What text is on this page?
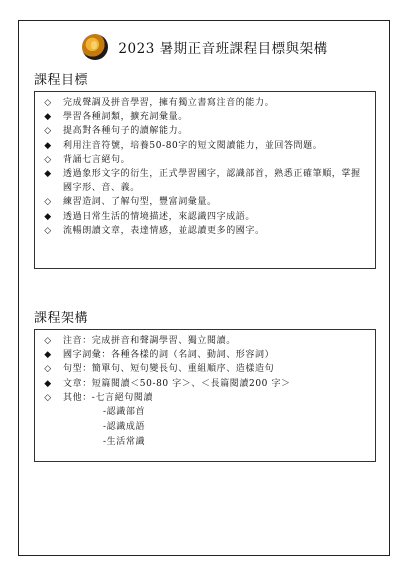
2023 暑期正音班課程目標與架構
課程目標
◇	完成聲調及拼音學習，擁有獨立書寫注音的能力。
◆	學習各種詞類，擴充詞彙量。
◇	提高對各種句子的讀解能力。
◆	利用注音符號，培養50-80字的短文閱讀能力，並回答問題。
◇	背誦七言絕句。
◆	透過象形文字的衍生，正式學習國字，認識部首，熟悉正確筆順，掌握國字形、音、義。
◇	練習造詞、了解句型，豐富詞彙量。
◆	透過日常生活的情境描述，來認識四字成語。
◇	流暢朗讀文章，表達情感，並認讀更多的國字。
課程架構
◇	注音：完成拼音和聲調學習、獨立閱讀。
◆	國字詞彙：各種各樣的詞（名詞、動詞、形容詞）
◇	句型：簡單句、短句變長句、重組順序、造樣造句
◆	文章：短篇閱讀＜50-80 字＞、＜長篇閱讀200 字＞
◇	其他：-七言絕句閱讀
-認識部首
-認識成語
-生活常識
